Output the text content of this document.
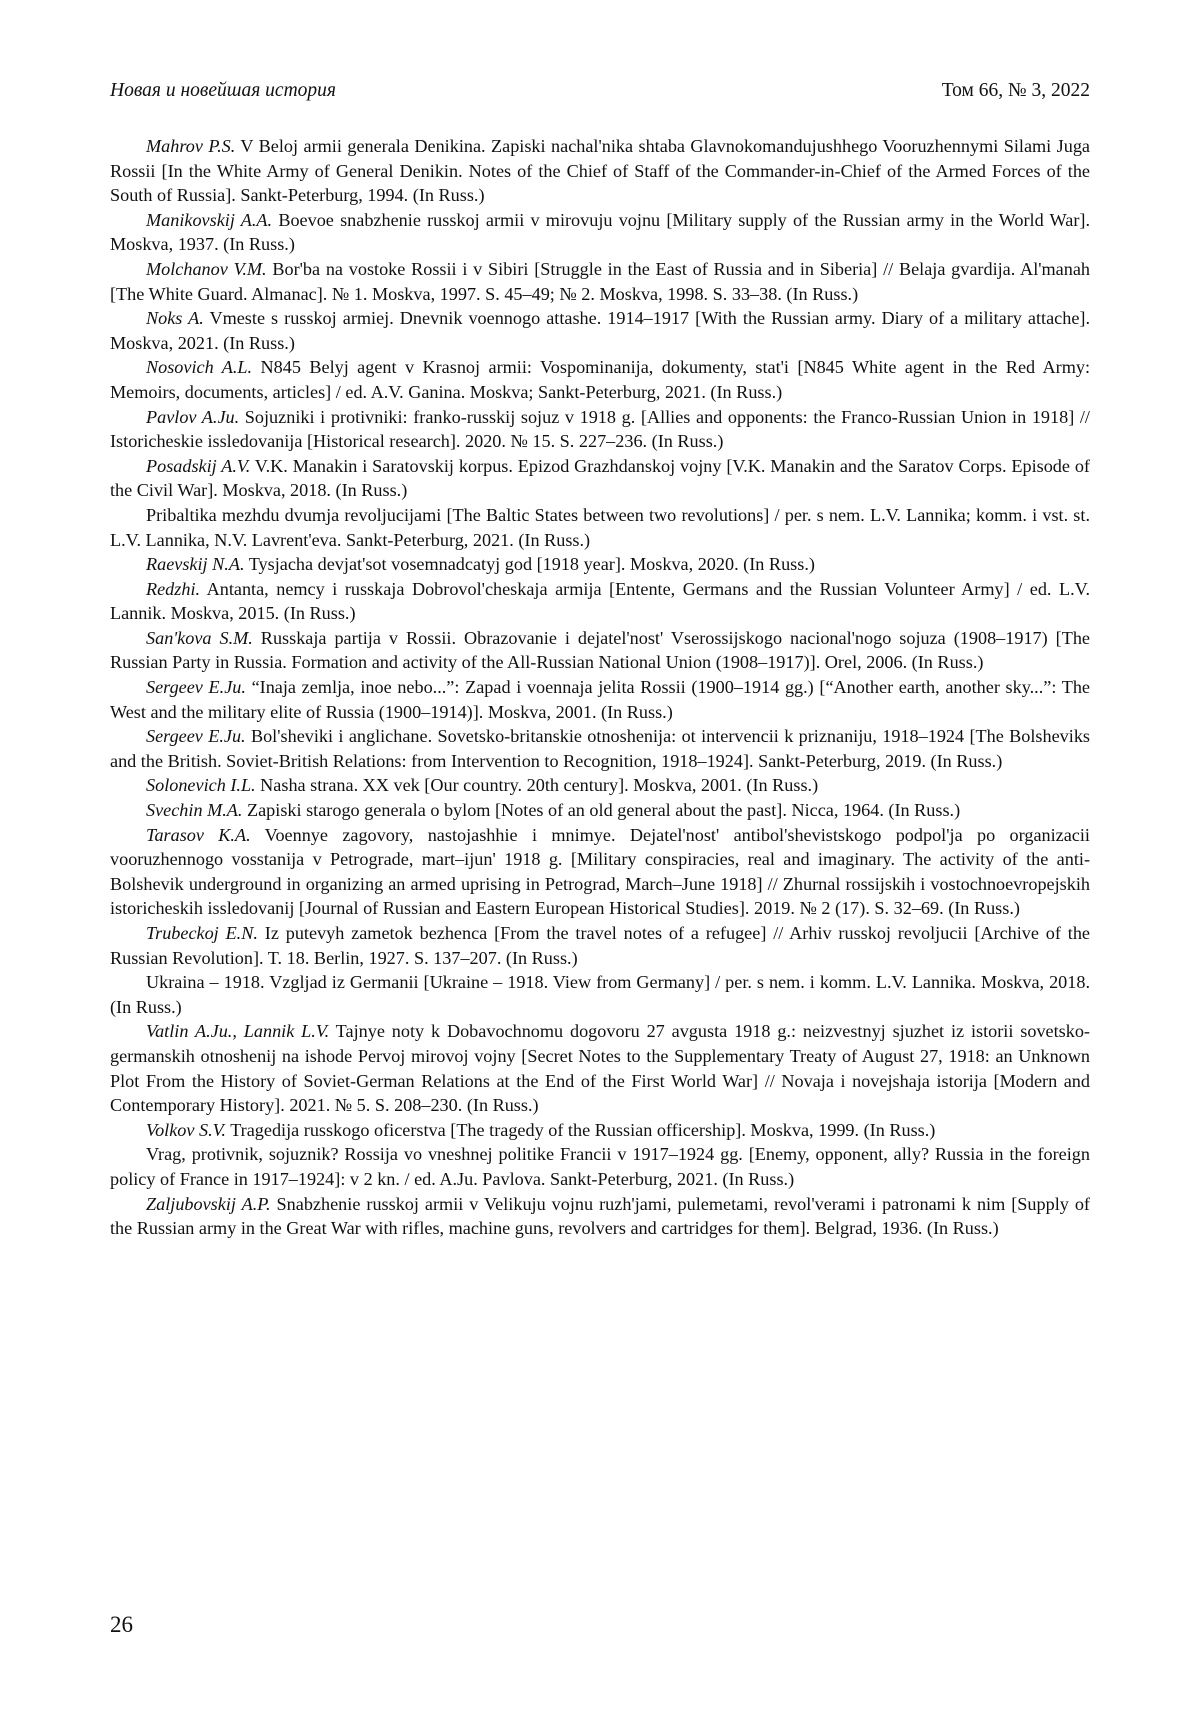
Новая и новейшая история	Том 66, № 3, 2022

Mahrov P.S. V Beloj armii generala Denikina. Zapiski nachal'nika shtaba Glavnokomandujushhego Vooruzhennymi Silami Juga Rossii [In the White Army of General Denikin. Notes of the Chief of Staff of the Commander-in-Chief of the Armed Forces of the South of Russia]. Sankt-Peterburg, 1994. (In Russ.)

Manikovskij A.A. Boevoe snabzhenie russkoj armii v mirovuju vojnu [Military supply of the Russian army in the World War]. Moskva, 1937. (In Russ.)

Molchanov V.M. Bor'ba na vostoke Rossii i v Sibiri [Struggle in the East of Russia and in Siberia] // Belaja gvardija. Al'manah [The White Guard. Almanac]. № 1. Moskva, 1997. S. 45–49; № 2. Moskva, 1998. S. 33–38. (In Russ.)

Noks A. Vmeste s russkoj armiej. Dnevnik voennogo attashe. 1914–1917 [With the Russian army. Diary of a military attache]. Moskva, 2021. (In Russ.)

Nosovich A.L. N845 Belyj agent v Krasnoj armii: Vospominanija, dokumenty, stat'i [N845 White agent in the Red Army: Memoirs, documents, articles] / ed. A.V. Ganina. Moskva; Sankt-Peterburg, 2021. (In Russ.)

Pavlov A.Ju. Sojuzniki i protivniki: franko-russkij sojuz v 1918 g. [Allies and opponents: the Franco-Russian Union in 1918] // Istoricheskie issledovanija [Historical research]. 2020. № 15. S. 227–236. (In Russ.)

Posadskij A.V. V.K. Manakin i Saratovskij korpus. Epizod Grazhdanskoj vojny [V.K. Manakin and the Saratov Corps. Episode of the Civil War]. Moskva, 2018. (In Russ.)

Pribaltika mezhdu dvumja revoljucijami [The Baltic States between two revolutions] / per. s nem. L.V. Lannika; komm. i vst. st. L.V. Lannika, N.V. Lavrent'eva. Sankt-Peterburg, 2021. (In Russ.)

Raevskij N.A. Tysjacha devjat'sot vosemnadcatyj god [1918 year]. Moskva, 2020. (In Russ.)

Redzhi. Antanta, nemcy i russkaja Dobrovol'cheskaja armija [Entente, Germans and the Russian Volunteer Army] / ed. L.V. Lannik. Moskva, 2015. (In Russ.)

San'kova S.M. Russkaja partija v Rossii. Obrazovanie i dejatel'nost' Vserossijskogo nacional'nogo sojuza (1908–1917) [The Russian Party in Russia. Formation and activity of the All-Russian National Union (1908–1917)]. Orel, 2006. (In Russ.)

Sergeev E.Ju. “Inaja zemlja, inoe nebo...”: Zapad i voennaja jelita Rossii (1900–1914 gg.) [“Another earth, another sky...”: The West and the military elite of Russia (1900–1914)]. Moskva, 2001. (In Russ.)

Sergeev E.Ju. Bol'sheviki i anglichane. Sovetsko-britanskie otnoshenija: ot intervencii k priznaniju, 1918–1924 [The Bolsheviks and the British. Soviet-British Relations: from Intervention to Recognition, 1918–1924]. Sankt-Peterburg, 2019. (In Russ.)

Solonevich I.L. Nasha strana. XX vek [Our country. 20th century]. Moskva, 2001. (In Russ.)

Svechin M.A. Zapiski starogo generala o bylom [Notes of an old general about the past]. Nicca, 1964. (In Russ.)

Tarasov K.A. Voennye zagovory, nastojashhie i mnimye. Dejatel'nost' antibol'shevistskogo podpol'ja po organizacii vooruzhennogo vosstanija v Petrograde, mart–ijun' 1918 g. [Military conspiracies, real and imaginary. The activity of the anti-Bolshevik underground in organizing an armed uprising in Petrograd, March–June 1918] // Zhurnal rossijskih i vostochnoevropejskih istoricheskih issledovanij [Journal of Russian and Eastern European Historical Studies]. 2019. № 2 (17). S. 32–69. (In Russ.)

Trubeckoj E.N. Iz putevyh zametok bezhenca [From the travel notes of a refugee] // Arhiv russkoj revoljucii [Archive of the Russian Revolution]. T. 18. Berlin, 1927. S. 137–207. (In Russ.)

Ukraina – 1918. Vzgljad iz Germanii [Ukraine – 1918. View from Germany] / per. s nem. i komm. L.V. Lannika. Moskva, 2018. (In Russ.)

Vatlin A.Ju., Lannik L.V. Tajnye noty k Dobavochnomu dogovoru 27 avgusta 1918 g.: neizvestnyj sjuzhet iz istorii sovetsko-germanskih otnoshenij na ishode Pervoj mirovoj vojny [Secret Notes to the Supplementary Treaty of August 27, 1918: an Unknown Plot From the History of Soviet-German Relations at the End of the First World War] // Novaja i novejshaja istorija [Modern and Contemporary History]. 2021. № 5. S. 208–230. (In Russ.)

Volkov S.V. Tragedija russkogo oficerstva [The tragedy of the Russian officership]. Moskva, 1999. (In Russ.)

Vrag, protivnik, sojuznik? Rossija vo vneshnej politike Francii v 1917–1924 gg. [Enemy, opponent, ally? Russia in the foreign policy of France in 1917–1924]: v 2 kn. / ed. A.Ju. Pavlova. Sankt-Peterburg, 2021. (In Russ.)

Zaljubovskij A.P. Snabzhenie russkoj armii v Velikuju vojnu ruzh'jami, pulemetami, revol'verami i patronami k nim [Supply of the Russian army in the Great War with rifles, machine guns, revolvers and cartridges for them]. Belgrad, 1936. (In Russ.)

26
